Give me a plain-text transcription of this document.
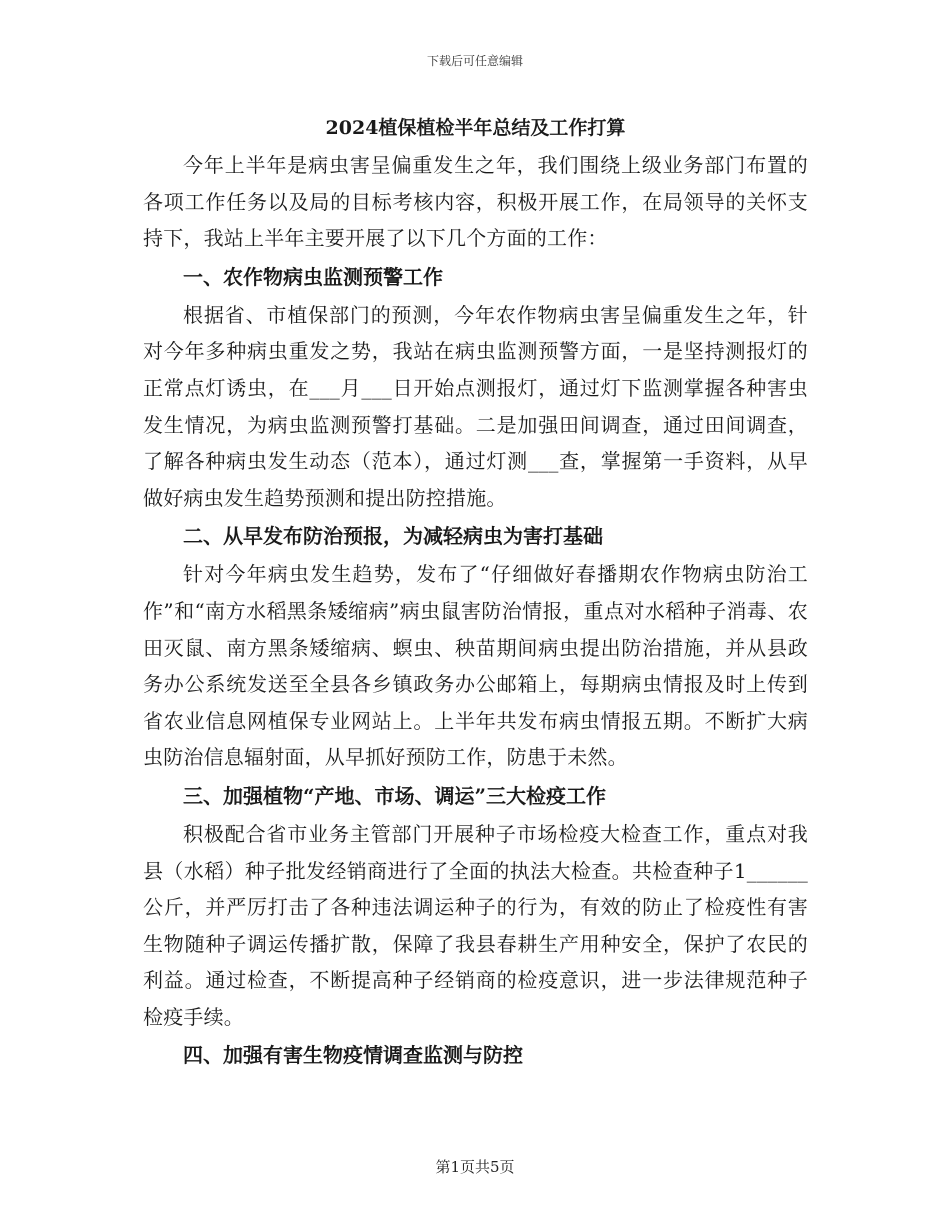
下载后可任意编辑
2024植保植检半年总结及工作打算

今年上半年是病虫害呈偏重发生之年，我们围绕上级业务部门布置的各项工作任务以及局的目标考核内容，积极开展工作，在局领导的关怀支持下，我站上半年主要开展了以下几个方面的工作：

一、农作物病虫监测预警工作

根据省、市植保部门的预测，今年农作物病虫害呈偏重发生之年，针对今年多种病虫重发之势，我站在病虫监测预警方面，一是坚持测报灯的正常点灯诱虫，在___月___日开始点测报灯，通过灯下监测掌握各种害虫发生情况，为病虫监测预警打基础。二是加强田间调查，通过田间调查，了解各种病虫发生动态（范本），通过灯测___查，掌握第一手资料，从早做好病虫发生趋势预测和提出防控措施。

二、从早发布防治预报，为减轻病虫为害打基础

针对今年病虫发生趋势，发布了“仔细做好春播期农作物病虫防治工作”和“南方水稻黑条矮缩病”病虫鼠害防治情报，重点对水稻种子消毒、农田灭鼠、南方黑条矮缩病、螟虫、秧苗期间病虫提出防治措施，并从县政务办公系统发送至全县各乡镇政务办公邮箱上，每期病虫情报及时上传到省农业信息网植保专业网站上。上半年共发布病虫情报五期。不断扩大病虫防治信息辐射面，从早抓好预防工作，防患于未然。

三、加强植物“产地、市场、调运”三大检疫工作

积极配合省市业务主管部门开展种子市场检疫大检查工作，重点对我县（水稻）种子批发经销商进行了全面的执法大检查。共检查种子1______公斤，并严厉打击了各种违法调运种子的行为，有效的防止了检疫性有害生物随种子调运传播扩散，保障了我县春耕生产用种安全，保护了农民的利益。通过检查，不断提高种子经销商的检疫意识，进一步法律规范种子检疫手续。

四、加强有害生物疫情调查监测与防控
第1页共5页
